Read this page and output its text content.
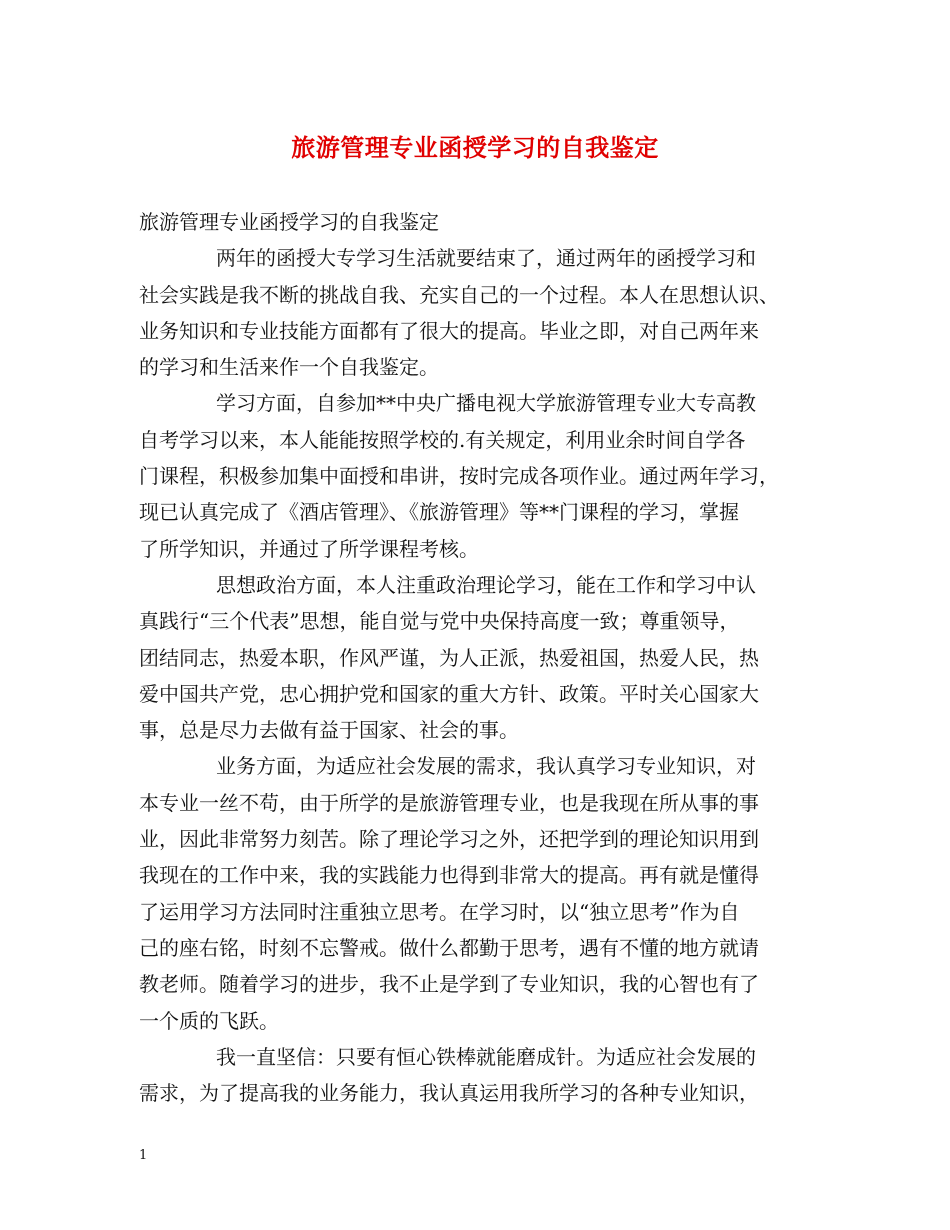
旅游管理专业函授学习的自我鉴定
旅游管理专业函授学习的自我鉴定
两年的函授大专学习生活就要结束了，通过两年的函授学习和
社会实践是我不断的挑战自我、充实自己的一个过程。本人在思想认识、
业务知识和专业技能方面都有了很大的提高。毕业之即，对自己两年来
的学习和生活来作一个自我鉴定。
学习方面，自参加**中央广播电视大学旅游管理专业大专高教
自考学习以来，本人能能按照学校的.有关规定，利用业余时间自学各
门课程，积极参加集中面授和串讲，按时完成各项作业。通过两年学习，
现已认真完成了《酒店管理》、《旅游管理》等**门课程的学习，掌握
了所学知识，并通过了所学课程考核。
思想政治方面，本人注重政治理论学习，能在工作和学习中认
真践行“三个代表”思想，能自觉与党中央保持高度一致；尊重领导，
团结同志，热爱本职，作风严谨，为人正派，热爱祖国，热爱人民，热
爱中国共产党，忠心拥护党和国家的重大方针、政策。平时关心国家大
事，总是尽力去做有益于国家、社会的事。
业务方面，为适应社会发展的需求，我认真学习专业知识，对
本专业一丝不苟，由于所学的是旅游管理专业，也是我现在所从事的事
业，因此非常努力刻苦。除了理论学习之外，还把学到的理论知识用到
我现在的工作中来，我的实践能力也得到非常大的提高。再有就是懂得
了运用学习方法同时注重独立思考。在学习时，以“独立思考”作为自
己的座右铭，时刻不忘警戒。做什么都勤于思考，遇有不懂的地方就请
教老师。随着学习的进步，我不止是学到了专业知识，我的心智也有了
一个质的飞跃。
我一直坚信：只要有恒心铁棒就能磨成针。为适应社会发展的
需求，为了提高我的业务能力，我认真运用我所学习的各种专业知识，
1
